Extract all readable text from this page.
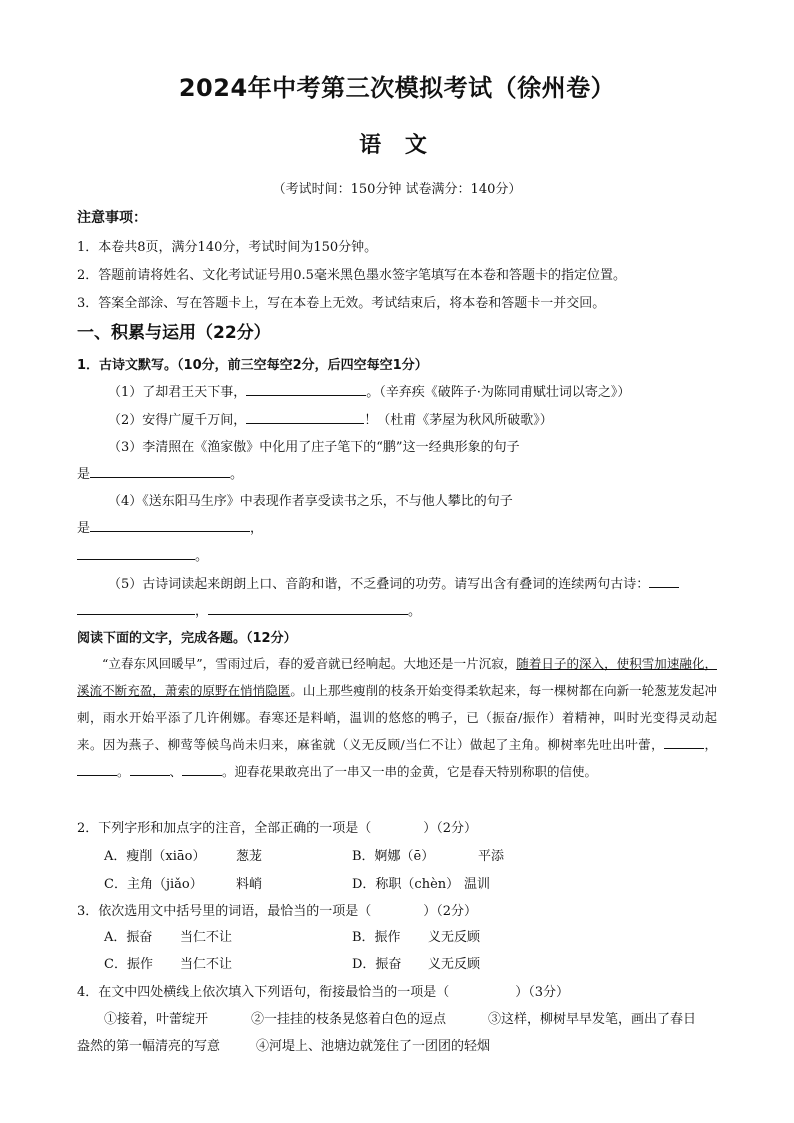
2024年中考第三次模拟考试（徐州卷）
语 文
（考试时间：150分钟 试卷满分：140分）
注意事项：
1．本卷共8页，满分140分，考试时间为150分钟。
2．答题前请将姓名、文化考试证号用0.5毫米黑色墨水签字笔填写在本卷和答题卡的指定位置。
3．答案全部涂、写在答题卡上，写在本卷上无效。考试结束后，将本卷和答题卡一并交回。
一、积累与运用（22分）
1．古诗文默写。（10分，前三空每空2分，后四空每空1分）
（1）了却君王天下事，	。（辛弃疾《破阵子·为陈同甫赋壮词以寄之》）
（2）安得广厦千万间，	！（杜甫《茅屋为秋风所破歌》）
（3）李清照在《渔家傲》中化用了庄子笔下的“鹏”这一经典形象的句子
是	。
（4）《送东阳马生序》中表现作者享受读书之乐，不与他人攀比的句子
是	，
。
（5）古诗词读起来朗朗上口、音韵和谐，不乏叠词的功劳。请写出含有叠词的连续两句古诗：
，	。
阅读下面的文字，完成各题。（12分）
“立春东风回暖早”，雪雨过后，春的爱音就已经响起。大地还是一片沉寂，随着日子的深入，使积雪加速融化，溪流不断充盈，萧索的原野在悄悄隐匿。山上那些瘦削的枝条开始变得柔软起来，每一棵树都在向新一轮葱茏发起冲刺，雨水开始平添了几许俐娜。春寒还是料峭，温训的悠悠的鸭子，已（振奋/振作）着精神，叫时光变得灵动起来。因为燕子、柳莺等候鸟尚未归来，麻雀就（义无反顾/当仁不让）做起了主角。柳树率先吐出叶蕾，	，。	、	。迎春花果敢亮出了一串又一串的金黄，它是春天特别称职的信使。
2．下列字形和加点字的注音，全部正确的一项是（	）（2分）
A．瘦削（xiāo） 葱茏	B．婀娜（ē）	平添
C．主角（jiǎo）	料峭	D．称职（chèn） 温训
3．依次选用文中括号里的词语，最恰当的一项是（	）（2分）
A．振奋 当仁不让	B．振作 义无反顾
C．振作 当仁不让	D．振奋 义无反顾
4．在文中四处横线上依次填入下列语句，衔接最恰当的一项是（	）（3分）
①接着，叶蕾绽开	②一挂挂的枝条晃悠着白色的逗点	③这样，柳树早早发笔，画出了春日
盎然的第一幅清亮的写意	④河堤上、池塘边就笼住了一团团的轻烟
